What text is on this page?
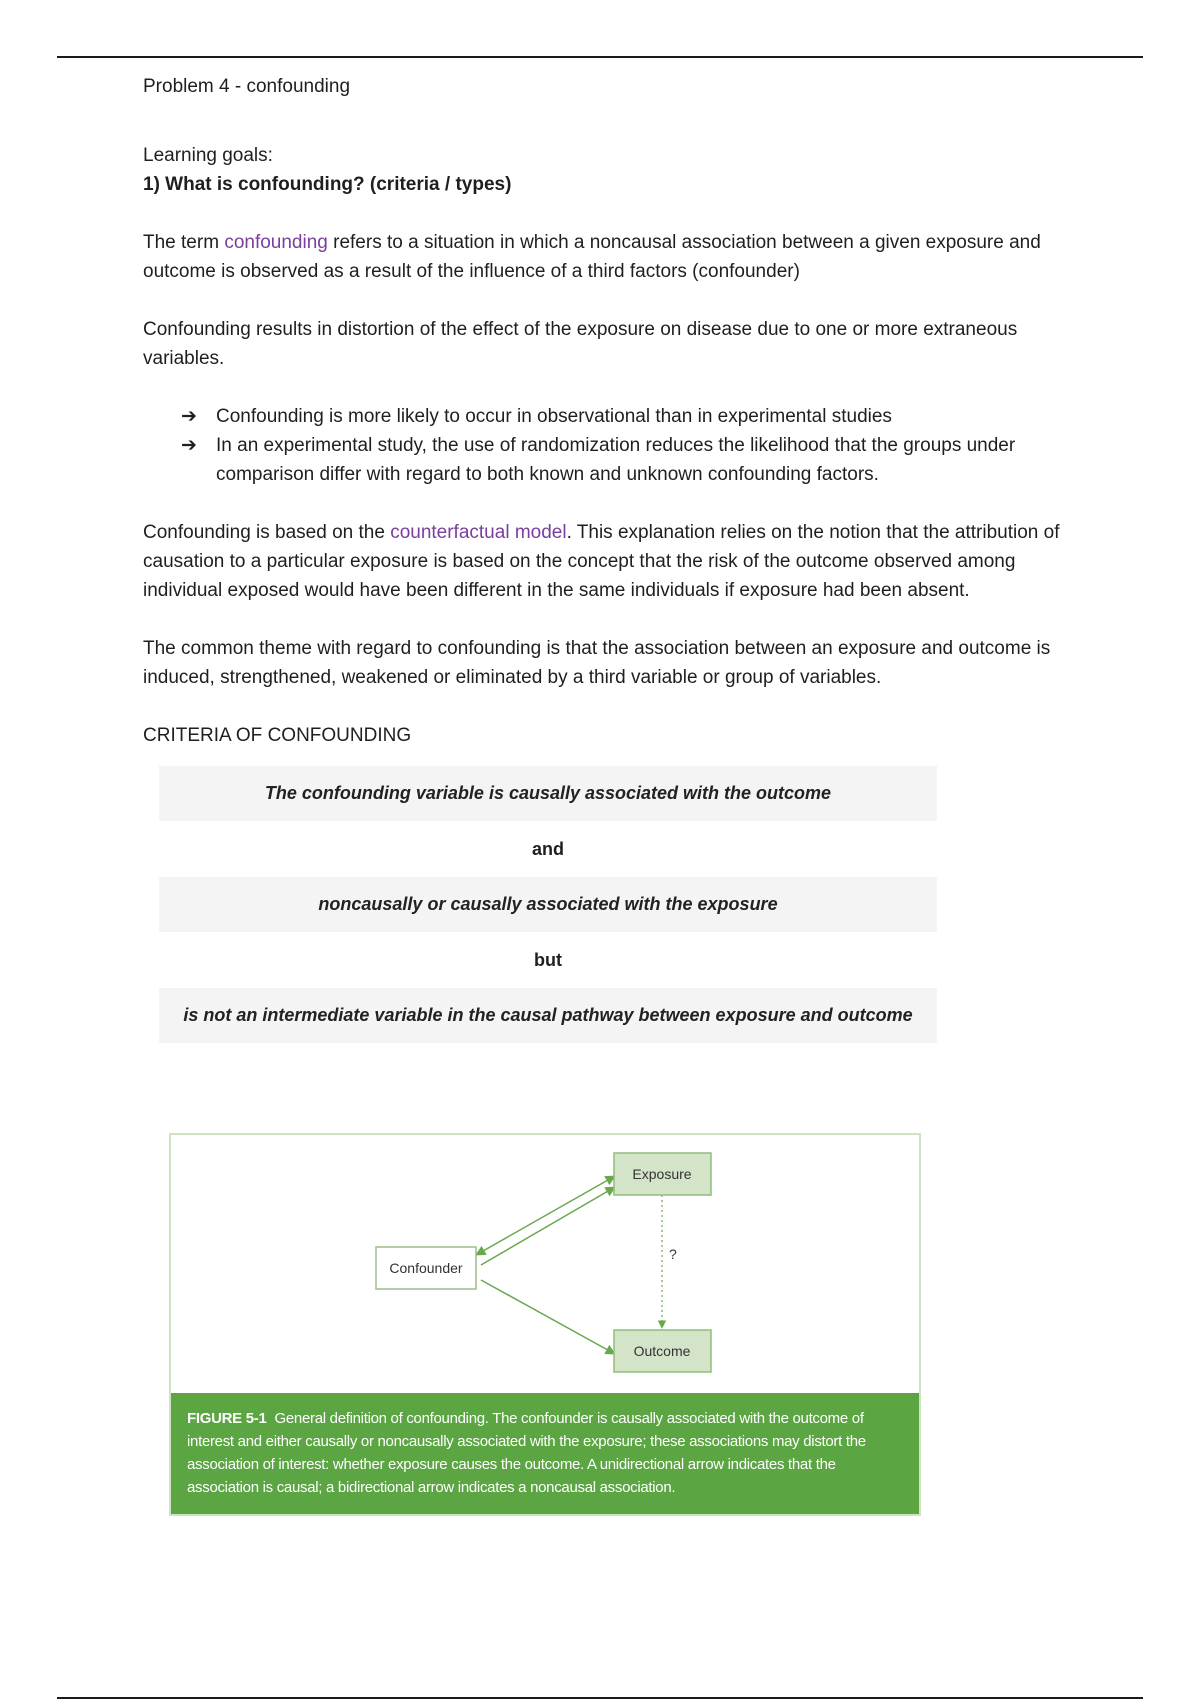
Problem 4 - confounding

Learning goals:

1) What is confounding? (criteria / types)

The term confounding refers to a situation in which a noncausal association between a given exposure and outcome is observed as a result of the influence of a third factors (confounder)

Confounding results in distortion of the effect of the exposure on disease due to one or more extraneous variables.

➔ Confounding is more likely to occur in observational than in experimental studies
➔ In an experimental study, the use of randomization reduces the likelihood that the groups under comparison differ with regard to both known and unknown confounding factors.

Confounding is based on the counterfactual model. This explanation relies on the notion that the attribution of causation to a particular exposure is based on the concept that the risk of the outcome observed among individual exposed would have been different in the same individuals if exposure had been absent.

The common theme with regard to confounding is that the association between an exposure and outcome is induced, strengthened, weakened or eliminated by a third variable or group of variables.

CRITERIA OF CONFOUNDING

The confounding variable is causally associated with the outcome
and
noncausally or causally associated with the exposure
but
is not an intermediate variable in the causal pathway between exposure and outcome
Exposure
Confounder
Outcome
?
FIGURE 5-1 General definition of confounding. The confounder is causally associated with the outcome of interest and either causally or noncausally associated with the exposure; these associations may distort the association of interest: whether exposure causes the outcome. A unidirectional arrow indicates that the association is causal; a bidirectional arrow indicates a noncausal association.
